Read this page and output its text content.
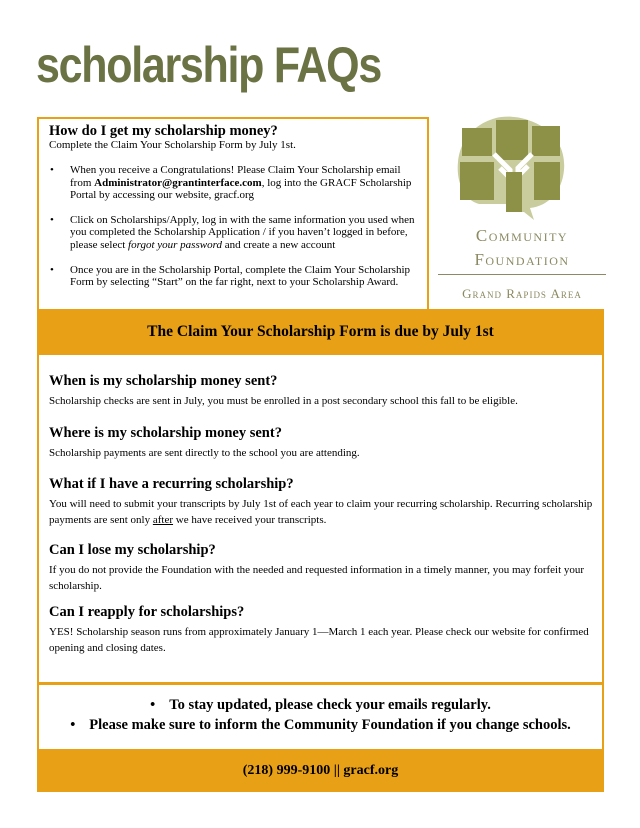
scholarship FAQs

How do I get my scholarship money?

Complete the Claim Your Scholarship Form by July 1st.

• When you receive a Congratulations! Please Claim Your Scholarship email from Administrator@grantinterface.com, log into the GRACF Scholarship Portal by accessing our website, gracf.org
• Click on Scholarships/Apply, log in with the same information you used when you completed the Scholarship Application / if you haven’t logged in before, please select forgot your password and create a new account
• Once you are in the Scholarship Portal, complete the Claim Your Scholarship Form by selecting “Start” on the far right, next to your Scholarship Award.
Community
Foundation
Grand Rapids Area
The Claim Your Scholarship Form is due by July 1st
When is my scholarship money sent?

Scholarship checks are sent in July, you must be enrolled in a post secondary school this fall to be eligible.

Where is my scholarship money sent?

Scholarship payments are sent directly to the school you are attending.

What if I have a recurring scholarship?

You will need to submit your transcripts by July 1st of each year to claim your recurring scholarship. Recurring scholarship payments are sent only after we have received your transcripts.

Can I lose my scholarship?

If you do not provide the Foundation with the needed and requested information in a timely manner, you may forfeit your scholarship.

Can I reapply for scholarships?

YES! Scholarship season runs from approximately January 1—March 1 each year. Please check our website for confirmed opening and closing dates.

• To stay updated, please check your emails regularly.
• Please make sure to inform the Community Foundation if you change schools.
(218) 999-9100 || gracf.org
